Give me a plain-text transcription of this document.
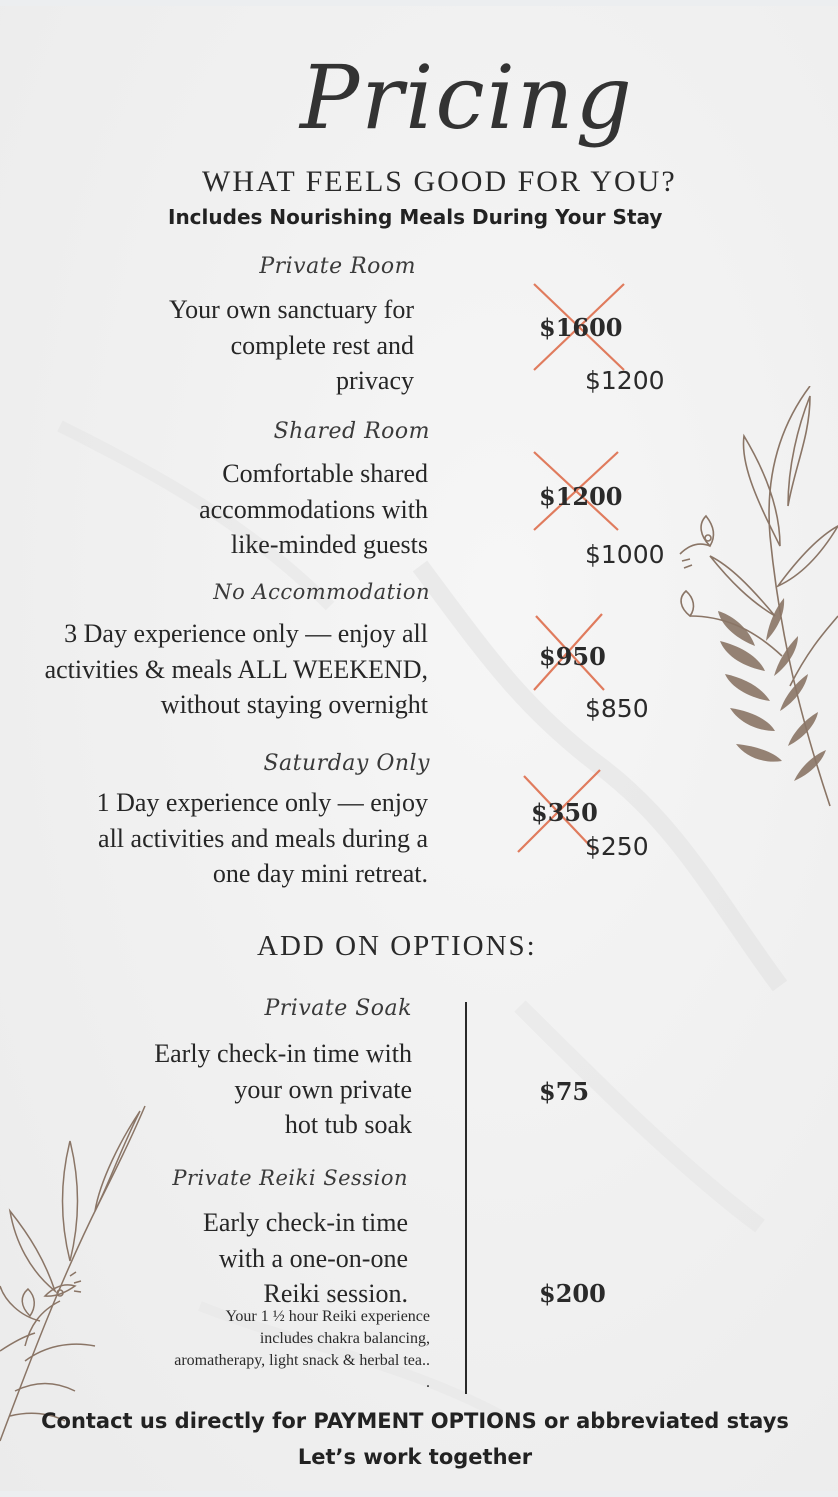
Pricing
WHAT FEELS GOOD FOR YOU?
Includes Nourishing Meals During Your Stay
Private Room
Your own sanctuary for
complete rest and
privacy
$1600
$1200
Shared Room
Comfortable shared
accommodations with
like-minded guests
$1200
$1000
No Accommodation
3 Day experience only — enjoy all
activities & meals ALL WEEKEND,
without staying overnight
$950
$850
Saturday Only
1 Day experience only — enjoy
all activities and meals during a
one day mini retreat.
$350
$250
ADD ON OPTIONS:
Private Soak
Early check-in time with
your own private
hot tub soak
$75
Private Reiki Session
Early check-in time
with a one-on-one
Reiki session.
Your 1 ½ hour Reiki experience
includes chakra balancing,
aromatherapy, light snack & herbal tea..
.
$200
Contact us directly for PAYMENT OPTIONS or abbreviated stays
Let’s work together
